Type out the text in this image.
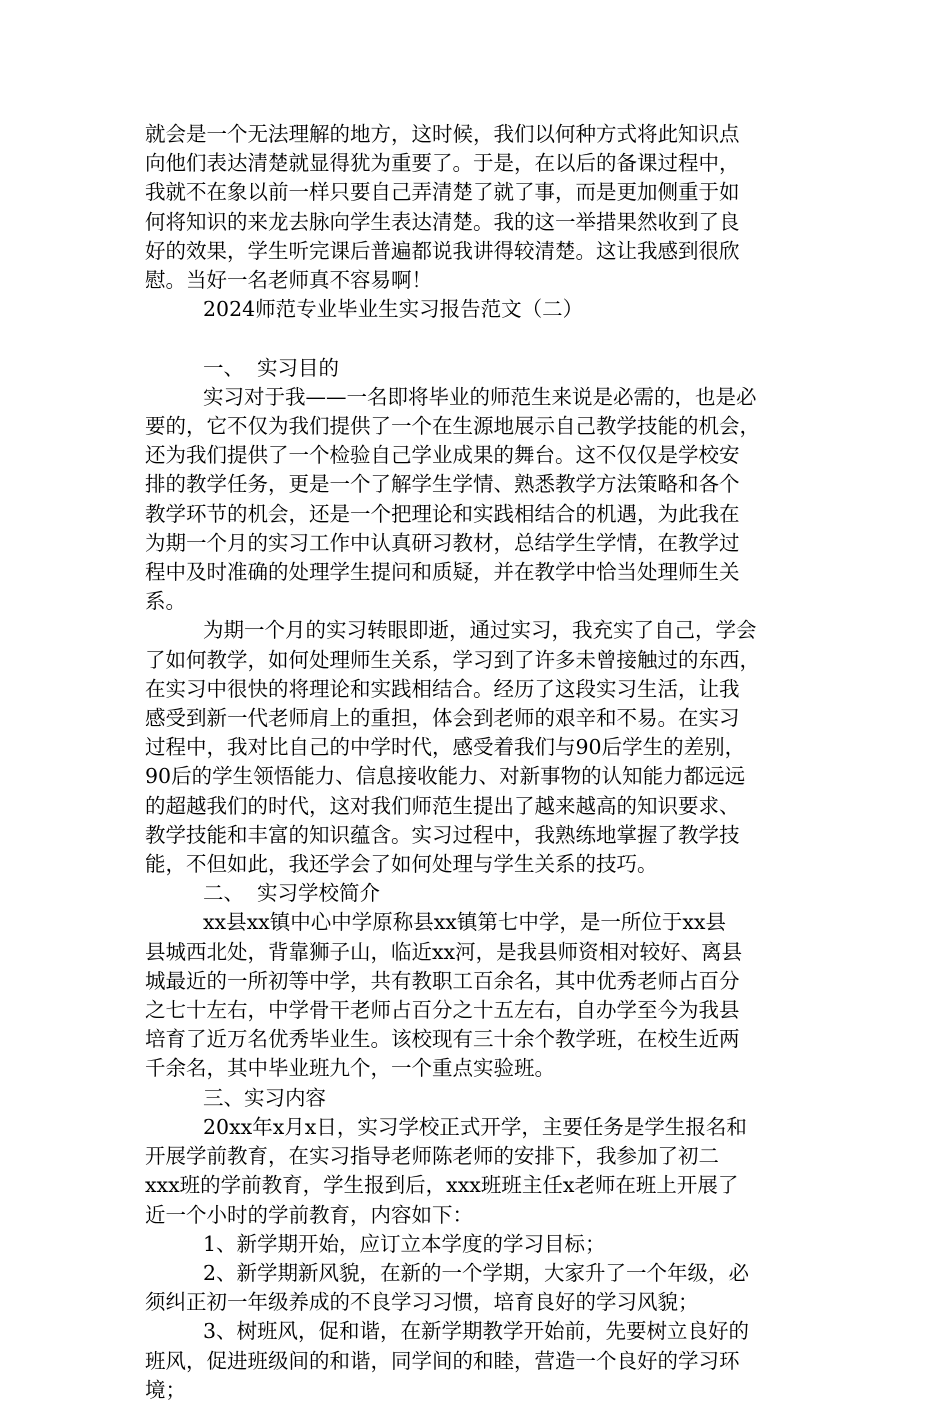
就会是一个无法理解的地方，这时候，我们以何种方式将此知识点
向他们表达清楚就显得犹为重要了。于是，在以后的备课过程中，
我就不在象以前一样只要自己弄清楚了就了事，而是更加侧重于如
何将知识的来龙去脉向学生表达清楚。我的这一举措果然收到了良
好的效果，学生听完课后普遍都说我讲得较清楚。这让我感到很欣
慰。当好一名老师真不容易啊！
2024师范专业毕业生实习报告范文（二）
一、 实习目的
实习对于我——一名即将毕业的师范生来说是必需的，也是必
要的，它不仅为我们提供了一个在生源地展示自己教学技能的机会，
还为我们提供了一个检验自己学业成果的舞台。这不仅仅是学校安
排的教学任务，更是一个了解学生学情、熟悉教学方法策略和各个
教学环节的机会，还是一个把理论和实践相结合的机遇，为此我在
为期一个月的实习工作中认真研习教材，总结学生学情，在教学过
程中及时准确的处理学生提问和质疑，并在教学中恰当处理师生关
系。
为期一个月的实习转眼即逝，通过实习，我充实了自己，学会
了如何教学，如何处理师生关系，学习到了许多未曾接触过的东西，
在实习中很快的将理论和实践相结合。经历了这段实习生活，让我
感受到新一代老师肩上的重担，体会到老师的艰辛和不易。在实习
过程中，我对比自己的中学时代，感受着我们与90后学生的差别，
90后的学生领悟能力、信息接收能力、对新事物的认知能力都远远
的超越我们的时代，这对我们师范生提出了越来越高的知识要求、
教学技能和丰富的知识蕴含。实习过程中，我熟练地掌握了教学技
能，不但如此，我还学会了如何处理与学生关系的技巧。
二、 实习学校简介
xx县xx镇中心中学原称县xx镇第七中学，是一所位于xx县
县城西北处，背靠狮子山，临近xx河，是我县师资相对较好、离县
城最近的一所初等中学，共有教职工百余名，其中优秀老师占百分
之七十左右，中学骨干老师占百分之十五左右，自办学至今为我县
培育了近万名优秀毕业生。该校现有三十余个教学班，在校生近两
千余名，其中毕业班九个，一个重点实验班。
三、实习内容
20xx年x月x日，实习学校正式开学，主要任务是学生报名和
开展学前教育，在实习指导老师陈老师的安排下，我参加了初二
xxx班的学前教育，学生报到后，xxx班班主任x老师在班上开展了
近一个小时的学前教育，内容如下：
1、新学期开始，应订立本学度的学习目标；
2、新学期新风貌，在新的一个学期，大家升了一个年级，必
须纠正初一年级养成的不良学习习惯，培育良好的学习风貌；
3、树班风，促和谐，在新学期教学开始前，先要树立良好的
班风，促进班级间的和谐，同学间的和睦，营造一个良好的学习环
境；
